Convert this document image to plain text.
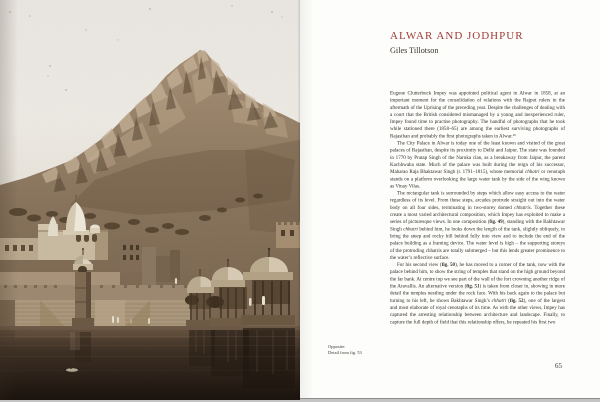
ALWAR AND JODHPUR
Giles Tillotson

Eugene Clutterbuck Impey was appointed political agent in Alwar in 1858, at an important moment for the consolidation of relations with the Rajput rulers in the aftermath of the Uprising of the preceding year. Despite the challenges of dealing with a court that the British considered mismanaged by a young and inexperienced ruler, Impey found time to practise photography. The handful of photographs that he took while stationed there (1858–65) are among the earliest surviving photographs of Rajasthan and probably the first photographs taken in Alwar.¹⁶

The City Palace in Alwar is today one of the least known and visited of the great palaces of Rajasthan, despite its proximity to Delhi and Jaipur. The state was founded in 1770 by Pratap Singh of the Naruka clan, as a breakaway from Jaipur, the parent Kachhwaha state. Much of the palace was built during the reign of his successor, Maharao Raja Bhaktawar Singh (r. 1791–1815), whose memorial chhatri or cenotaph stands on a platform overlooking the large water tank by the side of the wing known as Vinay Vilas.

The rectangular tank is surrounded by steps which allow easy access to the water regardless of its level. From these steps, arcades protrude straight out into the water body on all four sides, terminating in two-storey domed chhatris. Together these create a most varied architectural composition, which Impey has exploited to make a series of picturesque views. In one composition (fig. 49), standing with the Bakhtawar Singh chhatri behind him, he looks down the length of the tank, slightly obliquely, to bring the steep and rocky hill behind fully into view and to include the end of the palace building as a framing device. The water level is high – the supporting storeys of the protruding chhatris are totally submerged – but this lends greater prominence to the water’s reflective surface.

For his second view (fig. 50), he has moved to a corner of the tank, now with the palace behind him, to show the string of temples that stand on the high ground beyond the far bank. At centre top we see part of the wall of the fort crowning another ridge of the Aravallis. An alternative version (fig. 51) is taken from closer in, showing in more detail the temples nestling under the rock face. With his back again to the palace but turning to his left, he shows Bakhtawar Singh’s chhatri (fig. 52), one of the largest and most elaborate of royal cenotaphs of its time. As with the other views, Impey has captured the arresting relationship between architecture and landscape. Finally, to capture the full depth of field that this relationship offers, he repeated his first two

Opposite:
Detail from fig. 53
65
